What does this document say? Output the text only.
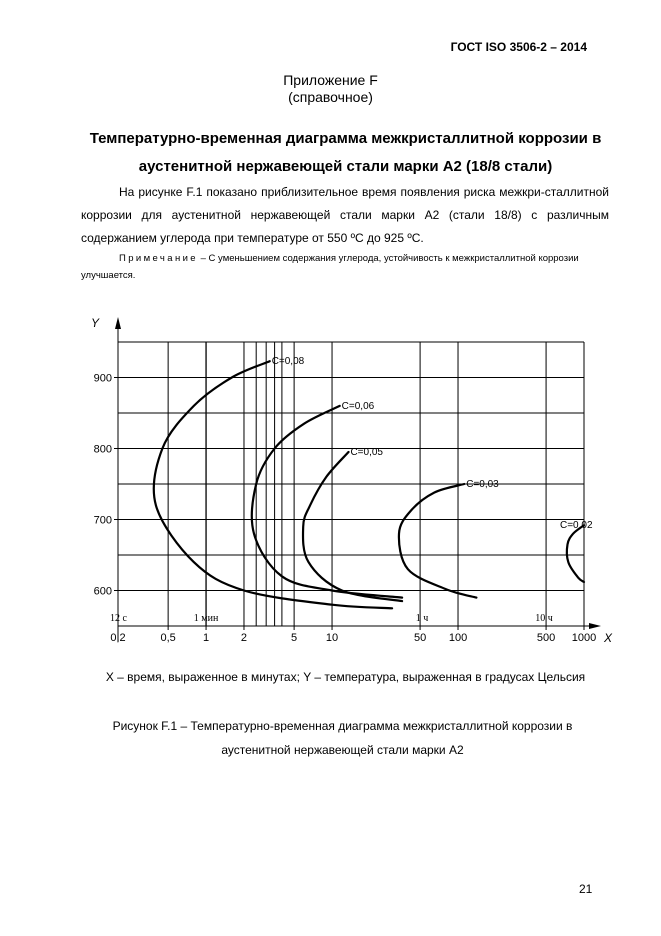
ГОСТ ISO 3506-2 – 2014
Приложение F
(справочное)
Температурно-временная диаграмма межкристаллитной коррозии в
аустенитной нержавеющей стали марки А2 (18/8 стали)
На рисунке F.1 показано приблизительное время появления риска межкри-сталлитной коррозии для аустенитной нержавеющей стали марки А2 (стали 18/8) с различным содержанием углерода при температуре от 550 ºC до 925 ºC.
Примечание – С уменьшением содержания углерода, устойчивость к межкристаллитной коррозии улучшается.
Y
X
600
700
800
900
0,2	0,5 1	2	5	10	50 100	500 1000
12 с	1 мин	1 ч	10 ч
C=0,08
C=0,06
C=0,05
C=0,03
C=0,02
X – время, выраженное в минутах; Y – температура, выраженная в градусах Цельсия
Рисунок F.1 – Температурно-временная диаграмма межкристаллитной коррозии в
аустенитной нержавеющей стали марки А2
21
